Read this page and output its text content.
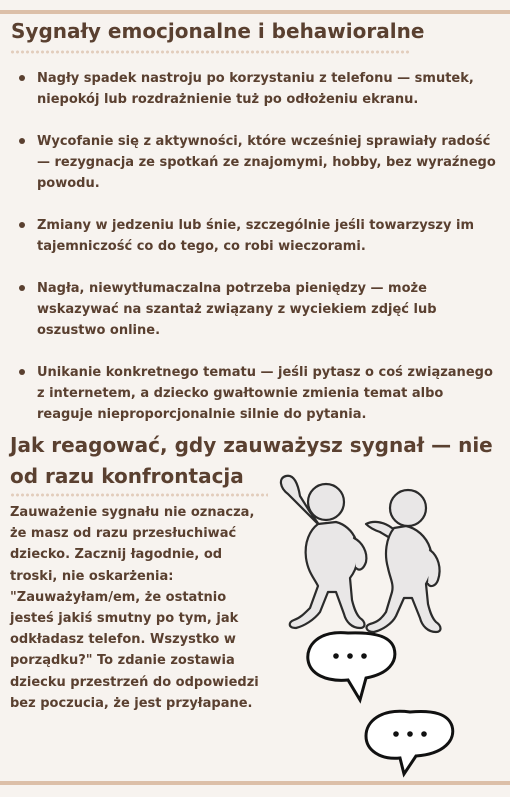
Sygnały emocjonalne i behawioralne
Nagły spadek nastroju po korzystaniu z telefonu — smutek, niepokój lub rozdrażnienie tuż po odłożeniu ekranu.
Wycofanie się z aktywności, które wcześniej sprawiały radość — rezygnacja ze spotkań ze znajomymi, hobby, bez wyraźnego powodu.
Zmiany w jedzeniu lub śnie, szczególnie jeśli towarzyszy im tajemniczość co do tego, co robi wieczorami.
Nagła, niewytłumaczalna potrzeba pieniędzy — może wskazywać na szantaż związany z wyciekiem zdjęć lub oszustwo online.
Unikanie konkretnego tematu — jeśli pytasz o coś związanego z internetem, a dziecko gwałtownie zmienia temat albo reaguje nieproporcjonalnie silnie do pytania.
Jak reagować, gdy zauważysz sygnał — nie od razu konfrontacja

Zauważenie sygnału nie oznacza, że masz od razu przesłuchiwać dziecko. Zacznij łagodnie, od troski, nie oskarżenia: "Zauważyłam/em, że ostatnio jesteś jakiś smutny po tym, jak odkładasz telefon. Wszystko w porządku?" To zdanie zostawia dziecku przestrzeń do odpowiedzi bez poczucia, że jest przyłapane.
